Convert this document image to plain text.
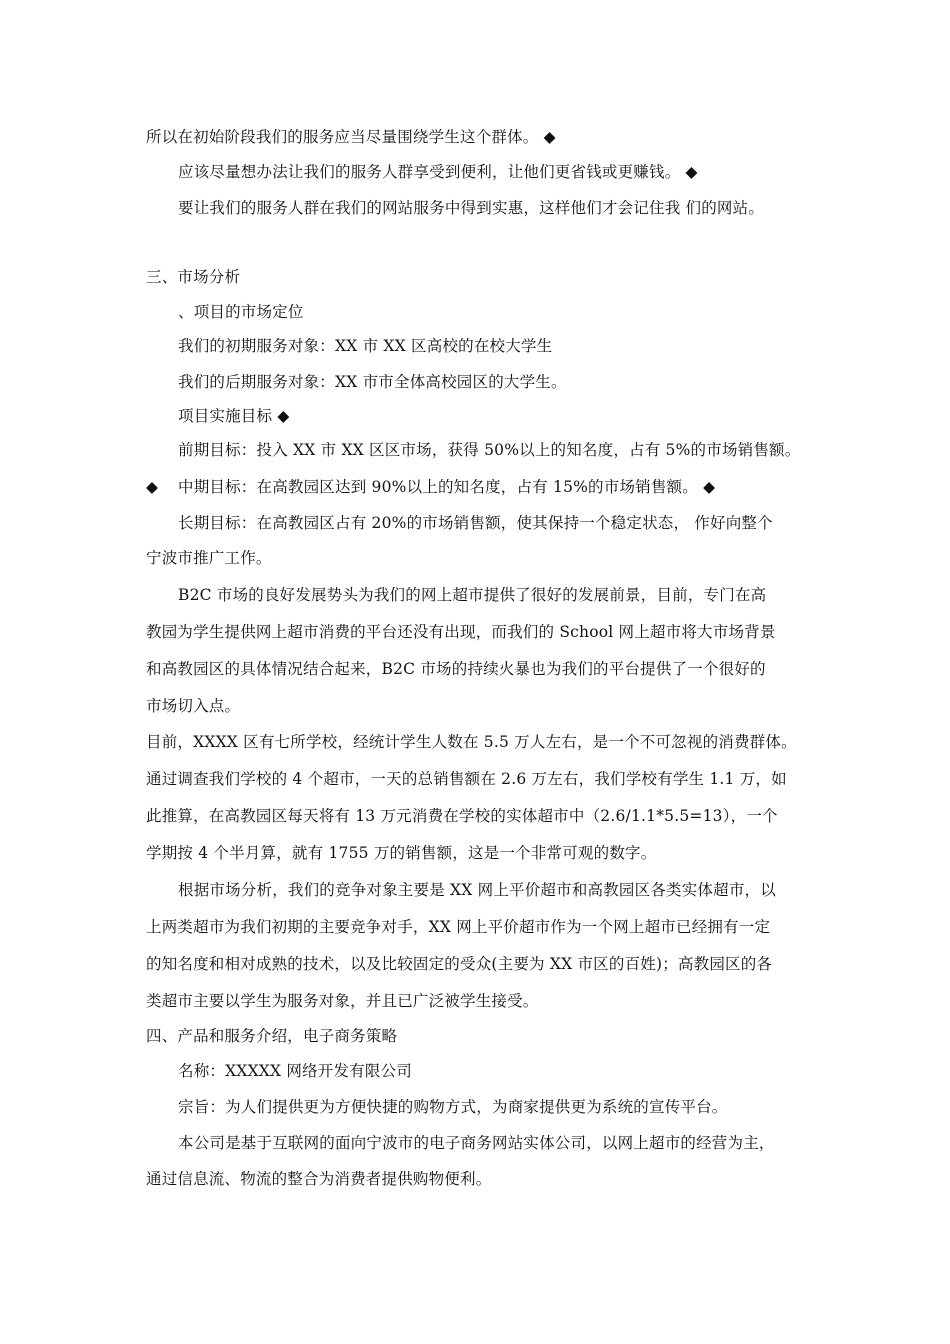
所以在初始阶段我们的服务应当尽量围绕学生这个群体。 ◆
应该尽量想办法让我们的服务人群享受到便利，让他们更省钱或更赚钱。 ◆
要让我们的服务人群在我们的网站服务中得到实惠，这样他们才会记住我 们的网站。
三、市场分析
、项目的市场定位
我们的初期服务对象：XX 市 XX 区高校的在校大学生
我们的后期服务对象：XX 市市全体高校园区的大学生。
项目实施目标 ◆
前期目标：投入 XX 市 XX 区区市场，获得 50%以上的知名度，占有 5%的市场销售额。
◆ 中期目标：在高教园区达到 90%以上的知名度，占有 15%的市场销售额。 ◆
长期目标：在高教园区占有 20%的市场销售额，使其保持一个稳定状态， 作好向整个
宁波市推广工作。
B2C 市场的良好发展势头为我们的网上超市提供了很好的发展前景，目前，专门在高
教园为学生提供网上超市消费的平台还没有出现，而我们的 School 网上超市将大市场背景
和高教园区的具体情况结合起来，B2C 市场的持续火暴也为我们的平台提供了一个很好的
市场切入点。
目前，XXXX 区有七所学校，经统计学生人数在 5.5 万人左右，是一个不可忽视的消费群体。
通过调查我们学校的 4 个超市，一天的总销售额在 2.6 万左右，我们学校有学生 1.1 万，如
此推算，在高教园区每天将有 13 万元消费在学校的实体超市中（2.6/1.1*5.5=13），一个
学期按 4 个半月算，就有 1755 万的销售额，这是一个非常可观的数字。
根据市场分析，我们的竞争对象主要是 XX 网上平价超市和高教园区各类实体超市，以
上两类超市为我们初期的主要竞争对手，XX 网上平价超市作为一个网上超市已经拥有一定
的知名度和相对成熟的技术，以及比较固定的受众(主要为 XX 市区的百姓)；高教园区的各
类超市主要以学生为服务对象，并且已广泛被学生接受。
四、产品和服务介绍，电子商务策略
名称：XXXXX 网络开发有限公司
宗旨：为人们提供更为方便快捷的购物方式，为商家提供更为系统的宣传平台。
本公司是基于互联网的面向宁波市的电子商务网站实体公司，以网上超市的经营为主，
通过信息流、物流的整合为消费者提供购物便利。
